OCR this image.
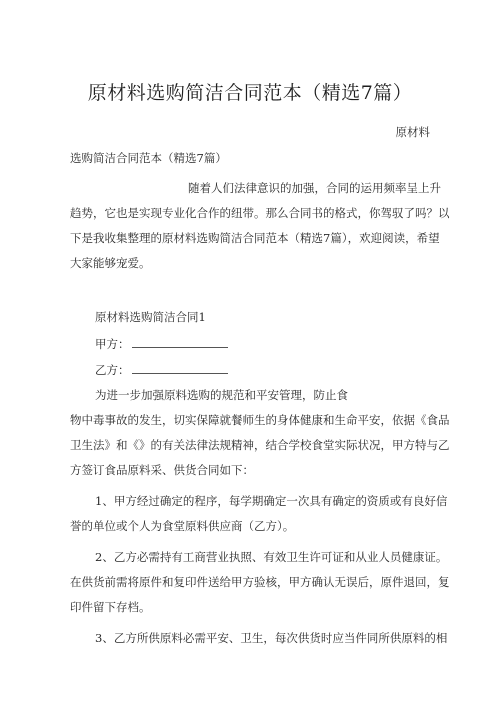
原材料选购简洁合同范本（精选7篇）
原材料
选购简洁合同范本（精选7篇）
随着人们法律意识的加强，合同的运用频率呈上升
趋势，它也是实现专业化合作的纽带。那么合同书的格式，你驾驭了吗？以
下是我收集整理的原材料选购简洁合同范本（精选7篇），欢迎阅读，希望
大家能够宠爱。
原材料选购简洁合同1
甲方：
乙方：
为进一步加强原料选购的规范和平安管理，防止食
物中毒事故的发生，切实保障就餐师生的身体健康和生命平安，依据《食品
卫生法》和《》的有关法律法规精神，结合学校食堂实际状况，甲方特与乙
方签订食品原料采、供货合同如下：
1、甲方经过确定的程序，每学期确定一次具有确定的资质或有良好信
誉的单位或个人为食堂原料供应商（乙方）。
2、乙方必需持有工商营业执照、有效卫生许可证和从业人员健康证。
在供货前需将原件和复印件送给甲方验核，甲方确认无误后，原件退回，复
印件留下存档。
3、乙方所供原料必需平安、卫生，每次供货时应当件同所供原料的相
